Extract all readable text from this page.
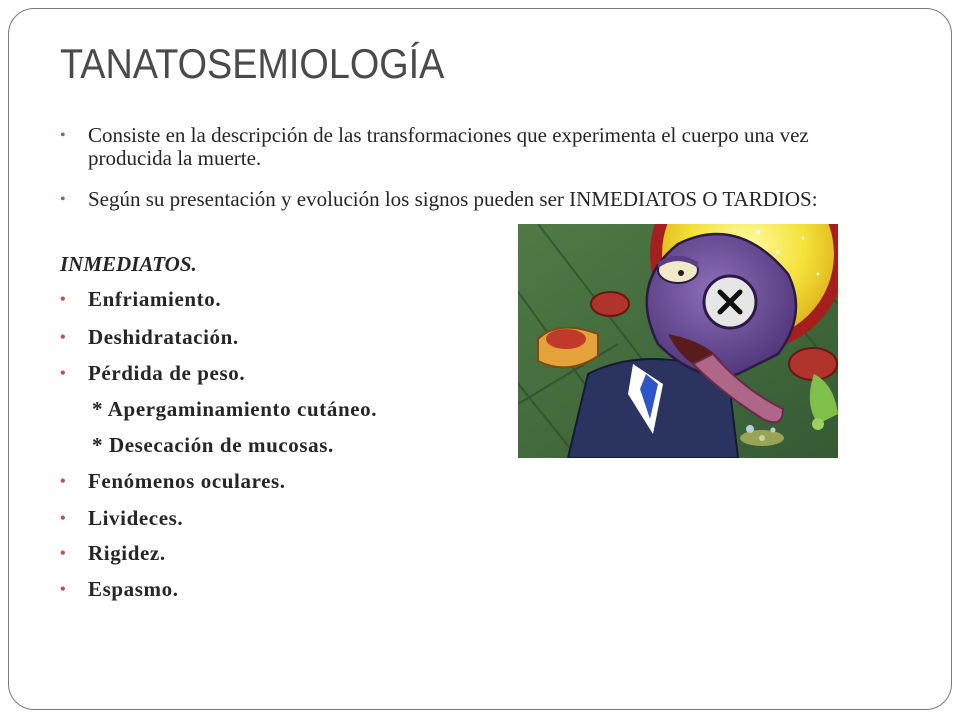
TANATOSEMIOLOGÍA
• Consiste en la descripción de las transformaciones que experimenta el cuerpo una vez producida la muerte.
• Según su presentación y evolución los signos pueden ser INMEDIATOS O TARDIOS:
INMEDIATOS.
• Enfriamiento.
• Deshidratación.
• Pérdida de peso.
* Apergaminamiento cutáneo.
* Desecación de mucosas.
• Fenómenos oculares.
• Livideces.
• Rigidez.
• Espasmo.
